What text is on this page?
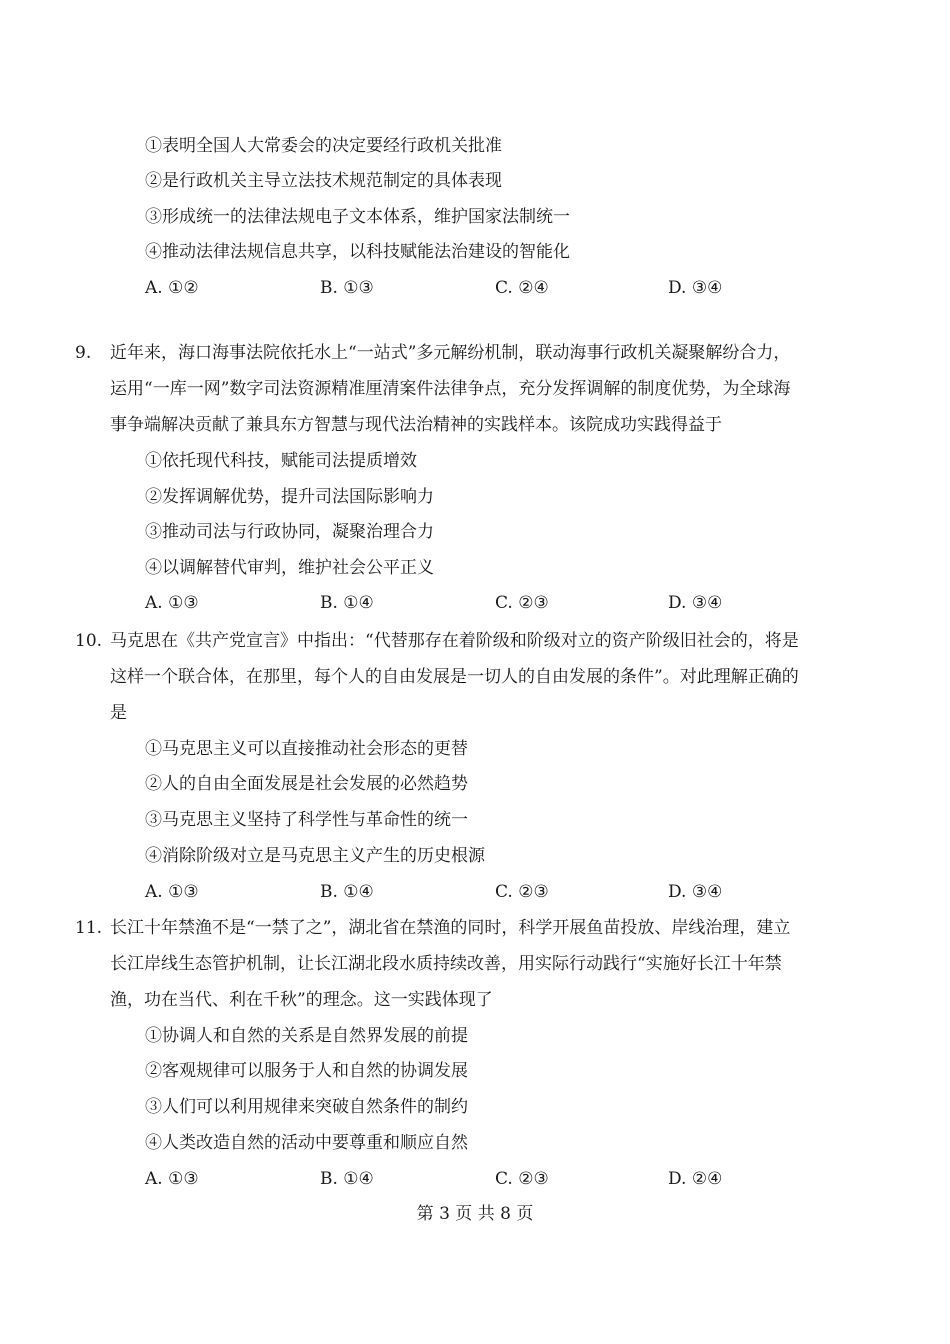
①表明全国人大常委会的决定要经行政机关批准
②是行政机关主导立法技术规范制定的具体表现
③形成统一的法律法规电子文本体系，维护国家法制统一
④推动法律法规信息共享，以科技赋能法治建设的智能化
A. ①②	B. ①③	C. ②④	D. ③④
9. 近年来，海口海事法院依托水上“一站式”多元解纷机制，联动海事行政机关凝聚解纷合力，
运用“一库一网”数字司法资源精准厘清案件法律争点，充分发挥调解的制度优势，为全球海
事争端解决贡献了兼具东方智慧与现代法治精神的实践样本。该院成功实践得益于
①依托现代科技，赋能司法提质增效
②发挥调解优势，提升司法国际影响力
③推动司法与行政协同，凝聚治理合力
④以调解替代审判，维护社会公平正义
A. ①③	B. ①④	C. ②③	D. ③④
10. 马克思在《共产党宣言》中指出：“代替那存在着阶级和阶级对立的资产阶级旧社会的，将是
这样一个联合体，在那里，每个人的自由发展是一切人的自由发展的条件”。对此理解正确的
是
①马克思主义可以直接推动社会形态的更替
②人的自由全面发展是社会发展的必然趋势
③马克思主义坚持了科学性与革命性的统一
④消除阶级对立是马克思主义产生的历史根源
A. ①③	B. ①④	C. ②③	D. ③④
11. 长江十年禁渔不是“一禁了之”，湖北省在禁渔的同时，科学开展鱼苗投放、岸线治理，建立
长江岸线生态管护机制，让长江湖北段水质持续改善，用实际行动践行“实施好长江十年禁
渔，功在当代、利在千秋”的理念。这一实践体现了
①协调人和自然的关系是自然界发展的前提
②客观规律可以服务于人和自然的协调发展
③人们可以利用规律来突破自然条件的制约
④人类改造自然的活动中要尊重和顺应自然
A. ①③	B. ①④	C. ②③	D. ②④
第 3 页 共 8 页
